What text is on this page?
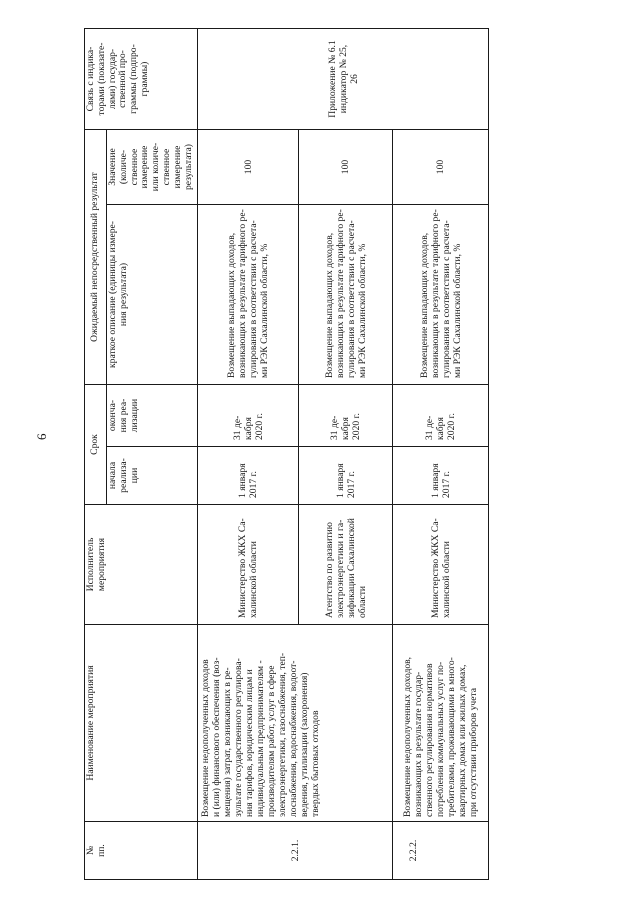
6
№
пп.
Наименование мероприятия
Исполнитель
мероприятия
Срок
начала
реализа-
ции
оконча-
ния реа-
лизации
Ожидаемый непосредственный результат
краткое описание (единицы измере-
ния результата)
Значение
(количе-
ственное
измерение
или количе-
ственное
измерение
результата)
Связь с индика-
торами (показате-
лями) государ-
ственной про-
граммы (подпро-
граммы)
2.2.1.
Возмещение недополученных доходов
и (или) финансового обеспечения (воз-
мещения) затрат, возникающих в ре-
зультате государственного регулирова-
ния тарифов, юридическим лицам и
индивидуальным предпринимателям -
производителям работ, услуг в сфере
электроэнергетики, газоснабжения, теп-
лоснабжения, водоснабжения, водоот-
ведения, утилизации (захоронения)
твердых бытовых отходов
Министерство ЖКХ Са-
халинской области
1 января
2017 г.
31 де-
кабря
2020 г.
Возмещение выпадающих доходов,
возникающих в результате тарифного ре-
гулирования в соответствии с расчета-
ми РЭК Сахалинской области, %
100
Агентство по развитию
электроэнергетики и га-
зификации Сахалинской
области
1 января
2017 г.
31 де-
кабря
2020 г.
Возмещение выпадающих доходов,
возникающих в результате тарифного ре-
гулирования в соответствии с расчета-
ми РЭК Сахалинской области, %
100
Приложение № 6.1
индикатор № 25,
26
2.2.2.
Возмещение недополученных доходов,
возникающих в результате государ-
ственного регулирования нормативов
потребления коммунальных услуг по-
требителями, проживающими в много-
квартирных домах или жилых домах,
при отсутствии приборов учета
Министерство ЖКХ Са-
халинской области
1 января
2017 г.
31 де-
кабря
2020 г.
Возмещение выпадающих доходов,
возникающих в результате тарифного ре-
гулирования в соответствии с расчета-
ми РЭК Сахалинской области, %
100
